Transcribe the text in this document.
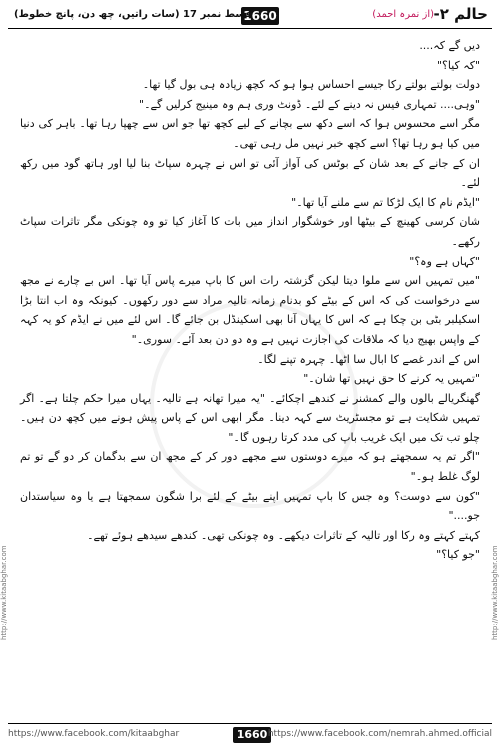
حالم ۲-
(از نمرہ احمد)
1660
قسط نمبر 17 (سات راتیں، چھ دن، پانچ خطوط)
http://www.kitaabghar.com	http://www.kitaabghar.com

دیں گے کہ....

"کہ کیا؟"

دولت بولتے بولتے رکا جیسے احساس ہوا ہو کہ کچھ زیادہ ہی بول گیا تھا۔

"وہی.... تمہاری فیس نہ دینے کے لئے۔ ڈونٹ وری ہم وہ مینیج کرلیں گے۔"

مگر اسے محسوس ہوا کہ اسے دکھ سے بچانے کے لیے کچھ تھا جو اس سے چھپا رہا تھا۔ باہر کی دنیا میں کیا ہو رہا تھا؟ اسے کچھ خبر نہیں مل رہی تھی۔

ان کے جانے کے بعد شان کے بوٹس کی آواز آئی تو اس نے چہرہ سپاٹ بنا لیا اور ہاتھ گود میں رکھ لئے۔

"ایڈم نام کا ایک لڑکا تم سے ملنے آیا تھا۔"

شان کرسی کھینچ کے بیٹھا اور خوشگوار انداز میں بات کا آغاز کیا تو وہ چونکی مگر تاثرات سپاٹ رکھے۔

"کہاں ہے وہ؟"

"میں تمہیں اس سے ملوا دیتا لیکن گزشتہ رات اس کا باپ میرے پاس آیا تھا۔ اس بے چارے نے مجھ سے درخواست کی کہ اس کے بیٹے کو بدنام زمانہ تالیہ مراد سے دور رکھوں۔ کیونکہ وہ اب انتا بڑا اسکیلبر بٹی بن چکا ہے کہ اس کا یہاں آنا بھی اسکینڈل بن جائے گا۔ اس لئے میں نے ایڈم کو یہ کہہ کے واپس بھیج دیا کہ ملاقات کی اجازت نہیں ہے وہ دو دن بعد آئے۔ سوری۔"

اس کے اندر غصے کا ابال سا اٹھا۔ چہرہ تپنے لگا۔

"تمہیں یہ کرنے کا حق نہیں تھا شان۔"

گھنگریالے بالوں والے کمشنر نے کندھے اچکائے۔ "یہ میرا تھانہ ہے تالیہ۔ یہاں میرا حکم چلتا ہے۔ اگر تمہیں شکایت ہے تو مجسٹریٹ سے کہہ دینا۔ مگر ابھی اس کے پاس پیش ہونے میں کچھ دن ہیں۔ چلو تب تک میں ایک غریب باپ کی مدد کرتا رہوں گا۔"

"اگر تم یہ سمجھتے ہو کہ میرے دوستوں سے مجھے دور کر کے مجھ ان سے بدگمان کر دو گے تو تم لوگ غلط ہو۔"

"کون سے دوست؟ وہ جس کا باپ تمہیں اپنے بیٹے کے لئے برا شگون سمجھتا ہے یا وہ سیاستدان جو...."

کہتے کہتے وہ رکا اور تالیہ کے تاثرات دیکھے۔ وہ چونکی تھی۔ کندھے سیدھے ہوئے تھے۔

"جو کیا؟"

https://www.facebook.com/kitaabghar	1660 https://www.facebook.com/nemrah.ahmed.official
